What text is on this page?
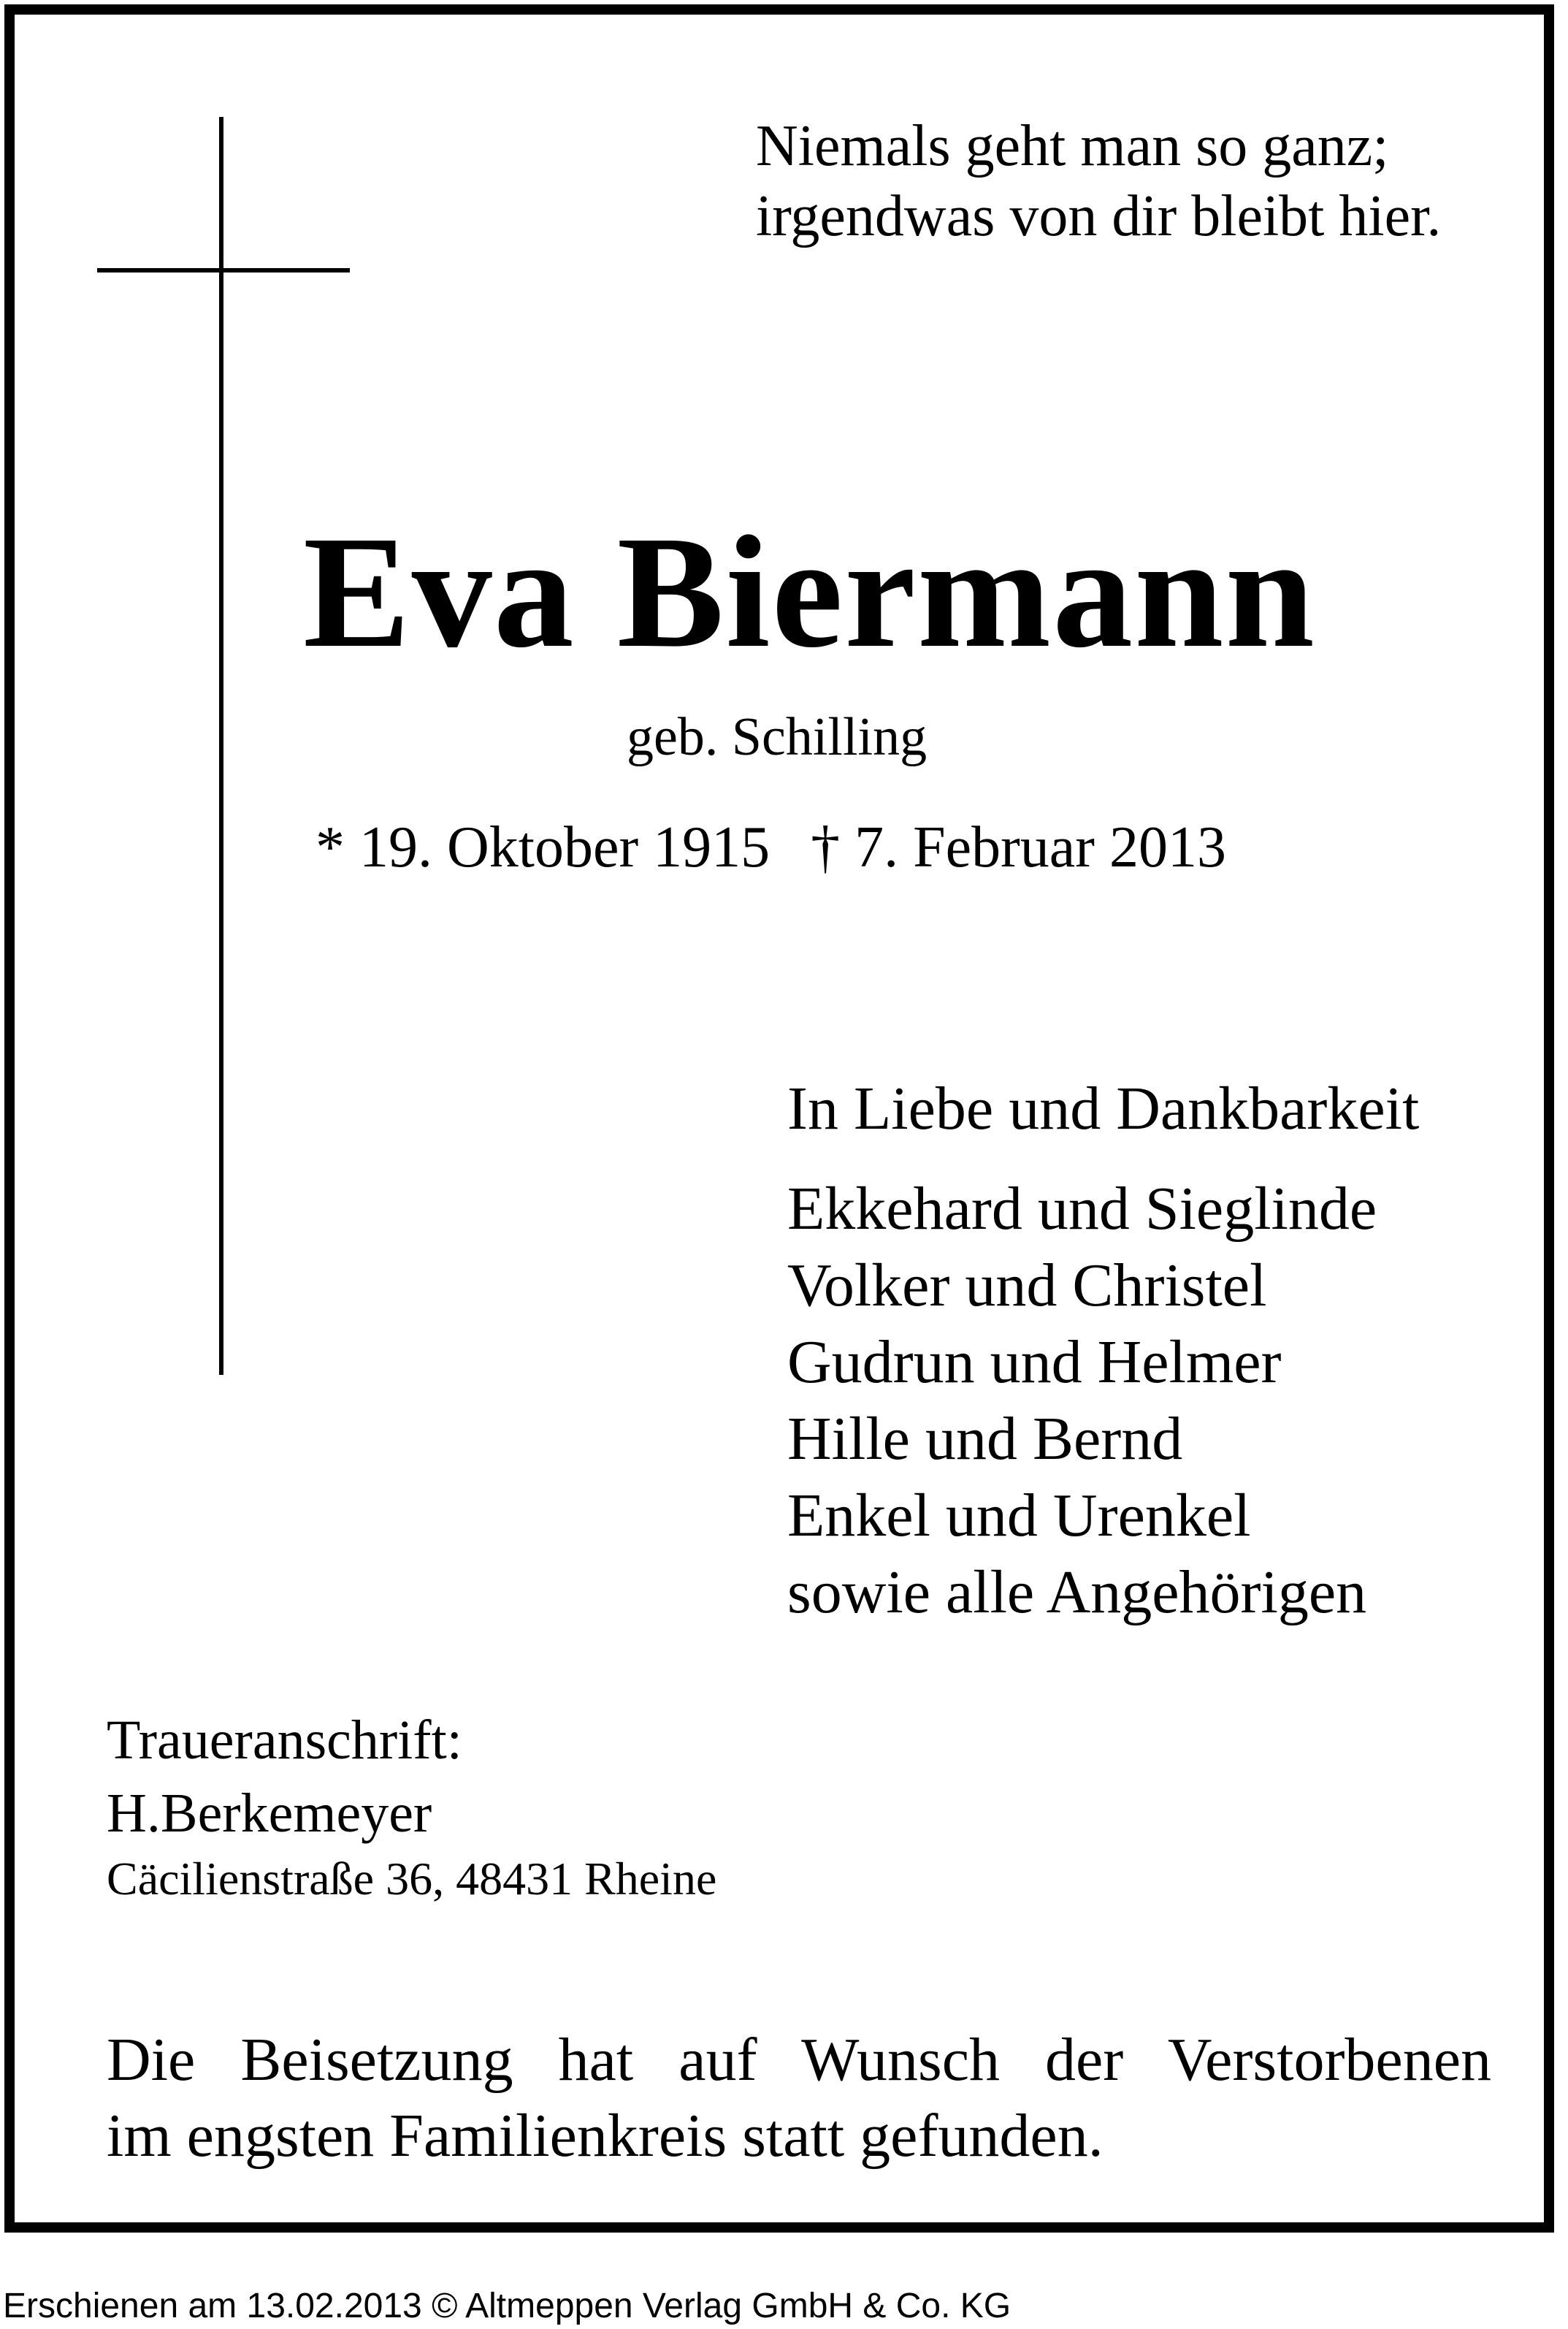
Niemals geht man so ganz;
irgendwas von dir bleibt hier.
Eva Biermann
geb. Schilling
* 19. Oktober 1915 † 7. Februar 2013
In Liebe und Dankbarkeit
Ekkehard und Sieglinde
Volker und Christel
Gudrun und Helmer
Hille und Bernd
Enkel und Urenkel
sowie alle Angehörigen
Traueranschrift:
H.Berkemeyer
Cäcilienstraße 36, 48431 Rheine
Die Beisetzung hat auf Wunsch der Verstorbenen
im engsten Familienkreis statt gefunden.
Erschienen am 13.02.2013 © Altmeppen Verlag GmbH & Co. KG
